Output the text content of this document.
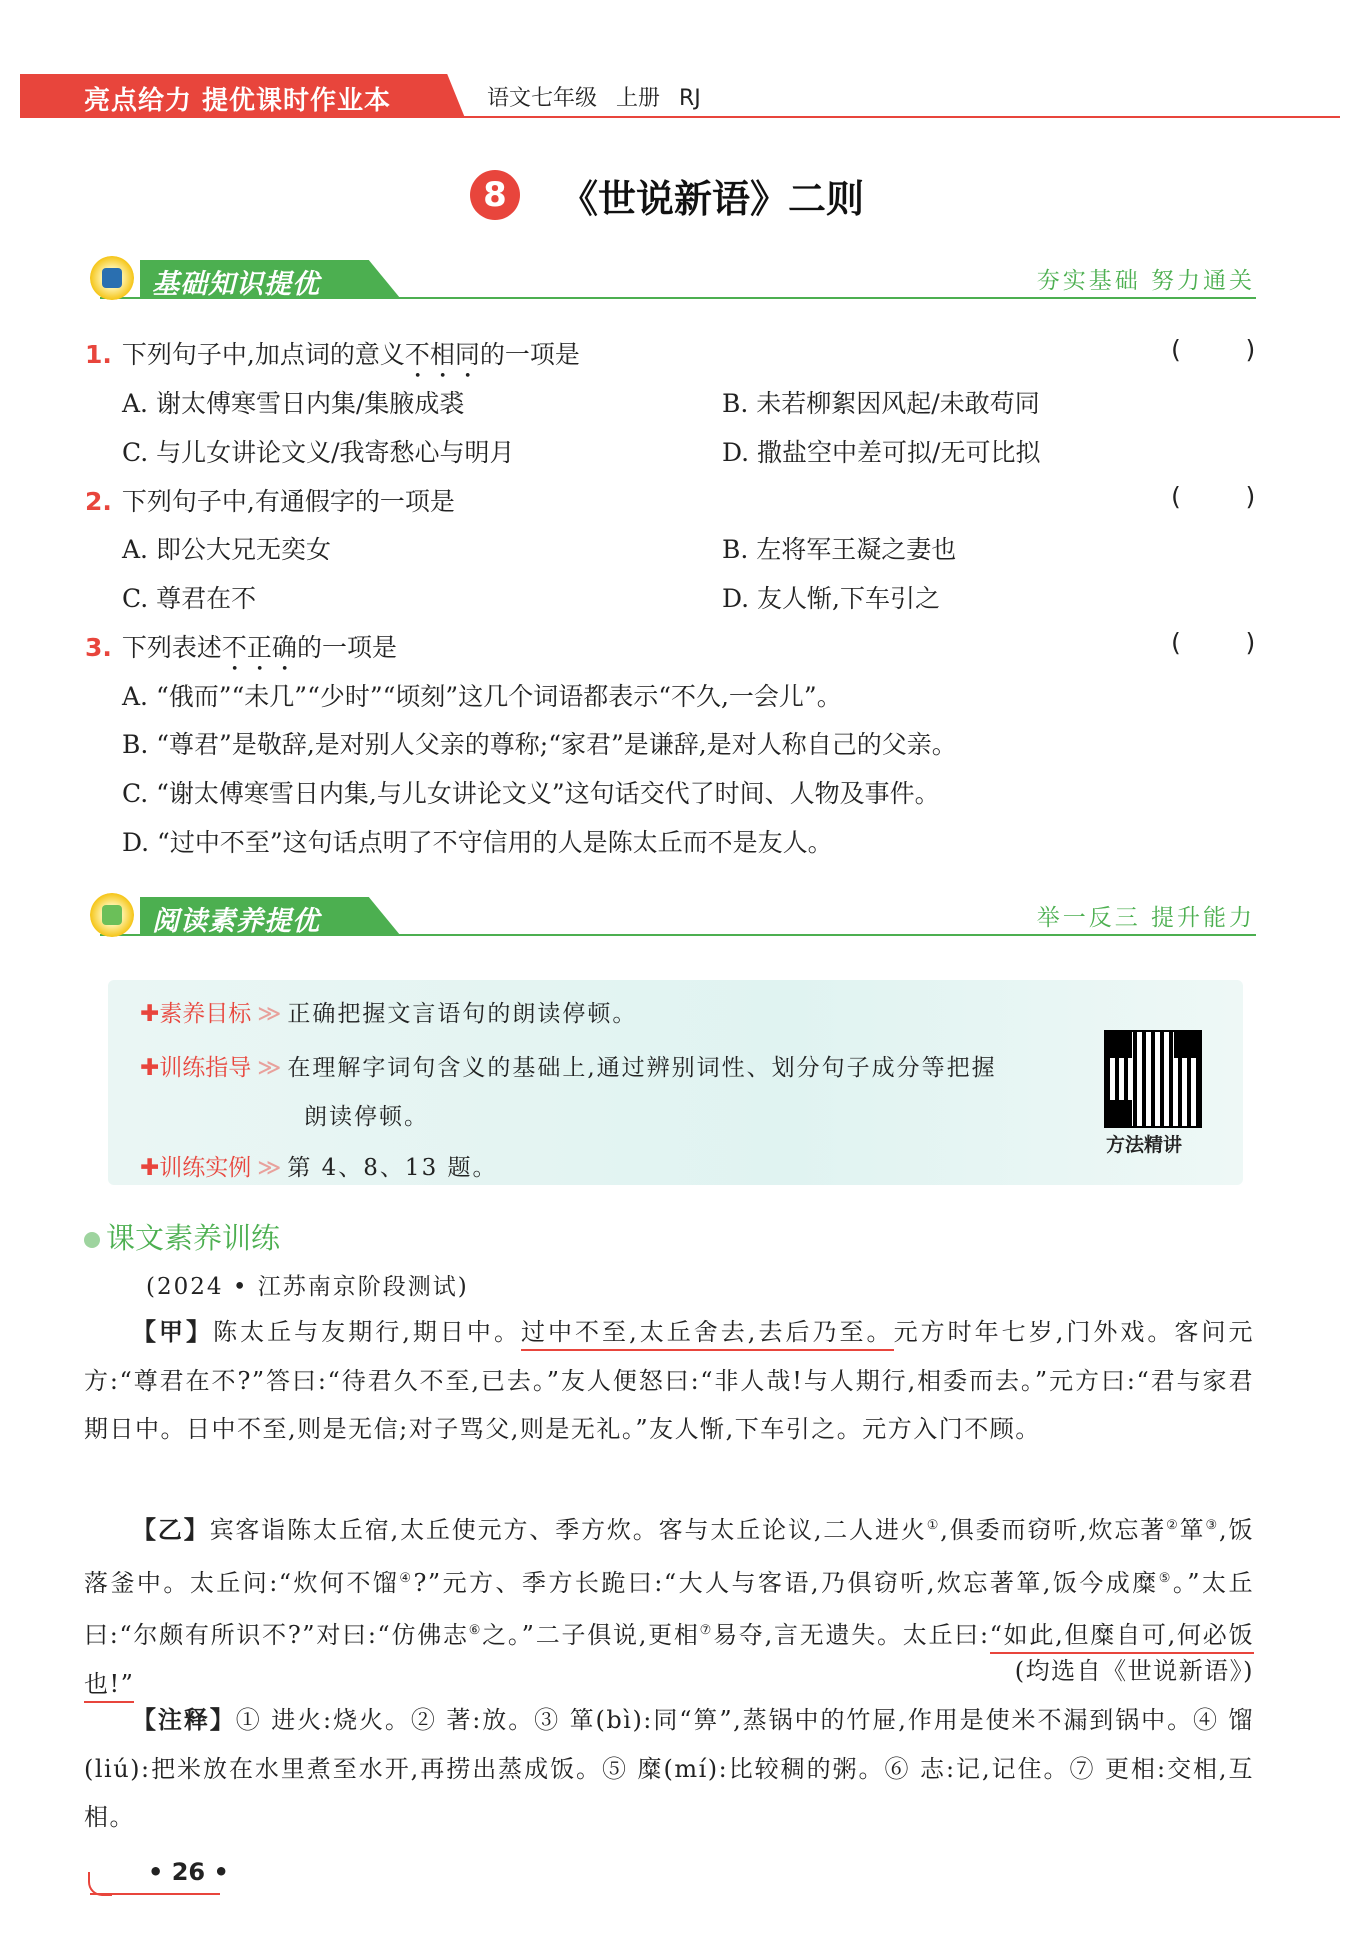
亮点给力 提优课时作业本	语文七年级 上册 RJ
8	《世说新语》二则
基础知识提优	夯实基础 努力通关
1. 下列句子中,加点词的意义不相同的一项是	(    )
A. 谢太傅寒雪日内集/集腋成裘	B. 未若柳絮因风起/未敢苟同
C. 与儿女讲论文义/我寄愁心与明月	D. 撒盐空中差可拟/无可比拟
2. 下列句子中,有通假字的一项是	(    )
A. 即公大兄无奕女	B. 左将军王凝之妻也
C. 尊君在不	D. 友人惭,下车引之
3. 下列表述不正确的一项是	(    )
A. “俄而”“未几”“少时”“顷刻”这几个词语都表示“不久,一会儿”。
B. “尊君”是敬辞,是对别人父亲的尊称;“家君”是谦辞,是对人称自己的父亲。
C. “谢太傅寒雪日内集,与儿女讲论文义”这句话交代了时间、人物及事件。
D. “过中不至”这句话点明了不守信用的人是陈太丘而不是友人。
阅读素养提优	举一反三 提升能力
✚素养目标 ≫ 正确把握文言语句的朗读停顿。
✚训练指导 ≫ 在理解字词句含义的基础上,通过辨别词性、划分句子成分等把握
朗读停顿。
✚训练实例 ≫ 第 4、8、13 题。
方法精讲
课文素养训练
(2024 • 江苏南京阶段测试)
【甲】陈太丘与友期行,期日中。过中不至,太丘舍去,去后乃至。元方时年七岁,门外戏。客问元方:“尊君在不?”答曰:“待君久不至,已去。”友人便怒曰:“非人哉!与人期行,相委而去。”元方曰:“君与家君期日中。日中不至,则是无信;对子骂父,则是无礼。”友人惭,下车引之。元方入门不顾。
【乙】宾客诣陈太丘宿,太丘使元方、季方炊。客与太丘论议,二人进火①,俱委而窃听,炊忘著②箪③,饭落釜中。太丘问:“炊何不馏④?”元方、季方长跪曰:“大人与客语,乃俱窃听,炊忘著箪,饭今成糜⑤。”太丘曰:“尔颇有所识不?”对曰:“仿佛志⑥之。”二子俱说,更相⑦易夺,言无遗失。太丘曰:“如此,但糜自可,何必饭也!”	(均选自《世说新语》)
【注释】① 进火:烧火。② 著:放。③ 箪(bì):同“箅”,蒸锅中的竹屉,作用是使米不漏到锅中。④ 馏(liú):把米放在水里煮至水开,再捞出蒸成饭。⑤ 糜(mí):比较稠的粥。⑥ 志:记,记住。⑦ 更相:交相,互相。
• 26 •
